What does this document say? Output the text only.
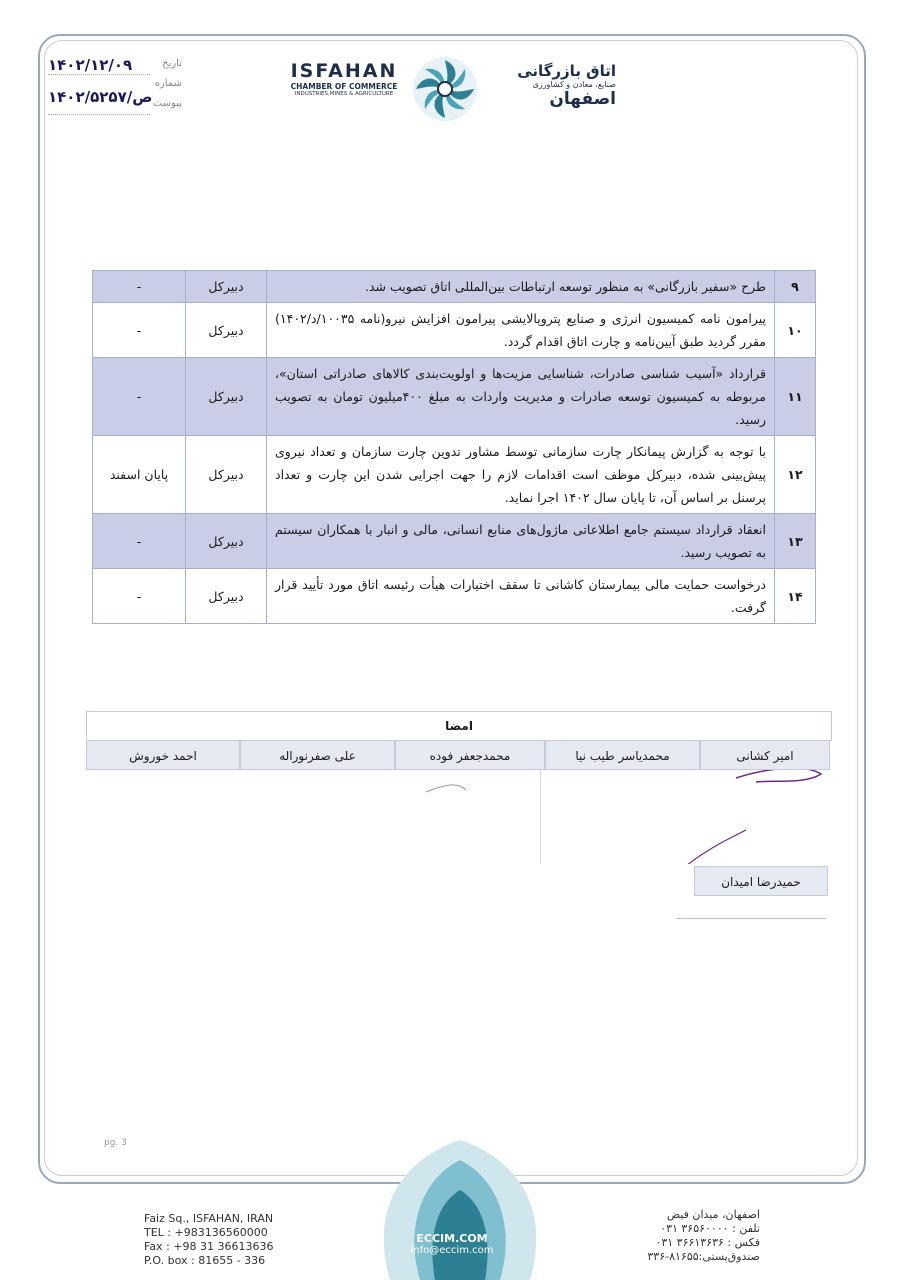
۱۴۰۲/۱۲/۰۹	تاریخ
۱۴۰۲/ص/۵۲۵۷
شماره
پیوست
ISFAHAN
CHAMBER OF COMMERCE
INDUSTRIES,MINES & AGRICULTURE
اتاق بازرگانی
صنایع، معادن و کشاورزی
اصفهان
۹	طرح «سفیر بازرگانی» به منظور توسعه ارتباطات بین‌المللی اتاق تصویب شد.	دبیرکل	-
۱۰	پیرامون نامه کمیسیون انرژی و صنایع پتروپالایشی پیرامون افزایش نیرو(نامه ۱۰۰۳۵/د/۱۴۰۲) مقرر گردید طبق آیین‌نامه و چارت اتاق اقدام گردد.	دبیرکل	-
۱۱	قرارداد «آسیب شناسی صادرات، شناسایی مزیت‌ها و اولویت‌بندی کالاهای صادراتی استان»، مربوطه به کمیسیون توسعه صادرات و مدیریت واردات به مبلغ ۴۰۰میلیون تومان به تصویب رسید.	دبیرکل	-
۱۲	با توجه به گزارش پیمانکار چارت سازمانی توسط مشاور تدوین چارت سازمان و تعداد نیروی پیش‌بینی شده، دبیرکل موظف است اقدامات لازم را جهت اجرایی شدن این چارت و تعداد پرسنل بر اساس آن، تا پایان سال ۱۴۰۲ اجرا نماید.	دبیرکل	پایان اسفند
۱۳	انعقاد قرارداد سیستم جامع اطلاعاتی ماژول‌های منابع انسانی، مالی و انبار با همکاران سیستم به تصویب رسید.	دبیرکل	-
۱۴	درخواست حمایت مالی بیمارستان کاشانی تا سقف اختیارات هیأت رئیسه اتاق مورد تأیید قرار گرفت.	دبیرکل	-
امضا
امیر کشانی
محمدیاسر طیب نیا
محمدجعفر فوده
علی صفرنوراله
احمد خوروش
حمیدرضا امیدان
pg. 3
Faiz Sq., ISFAHAN, IRAN
TEL : +983136560000
Fax : +98 31 36613636
P.O. box : 81655 - 336
ECCIM.COM
info@eccim.com
اصفهان، میدان فیض
تلفن : ۳۶۵۶۰۰۰۰ ۰۳۱
فکس : ۳۶۶۱۳۶۳۶ ۰۳۱
صندوق‌پستی:۸۱۶۵۵-۳۳۶
